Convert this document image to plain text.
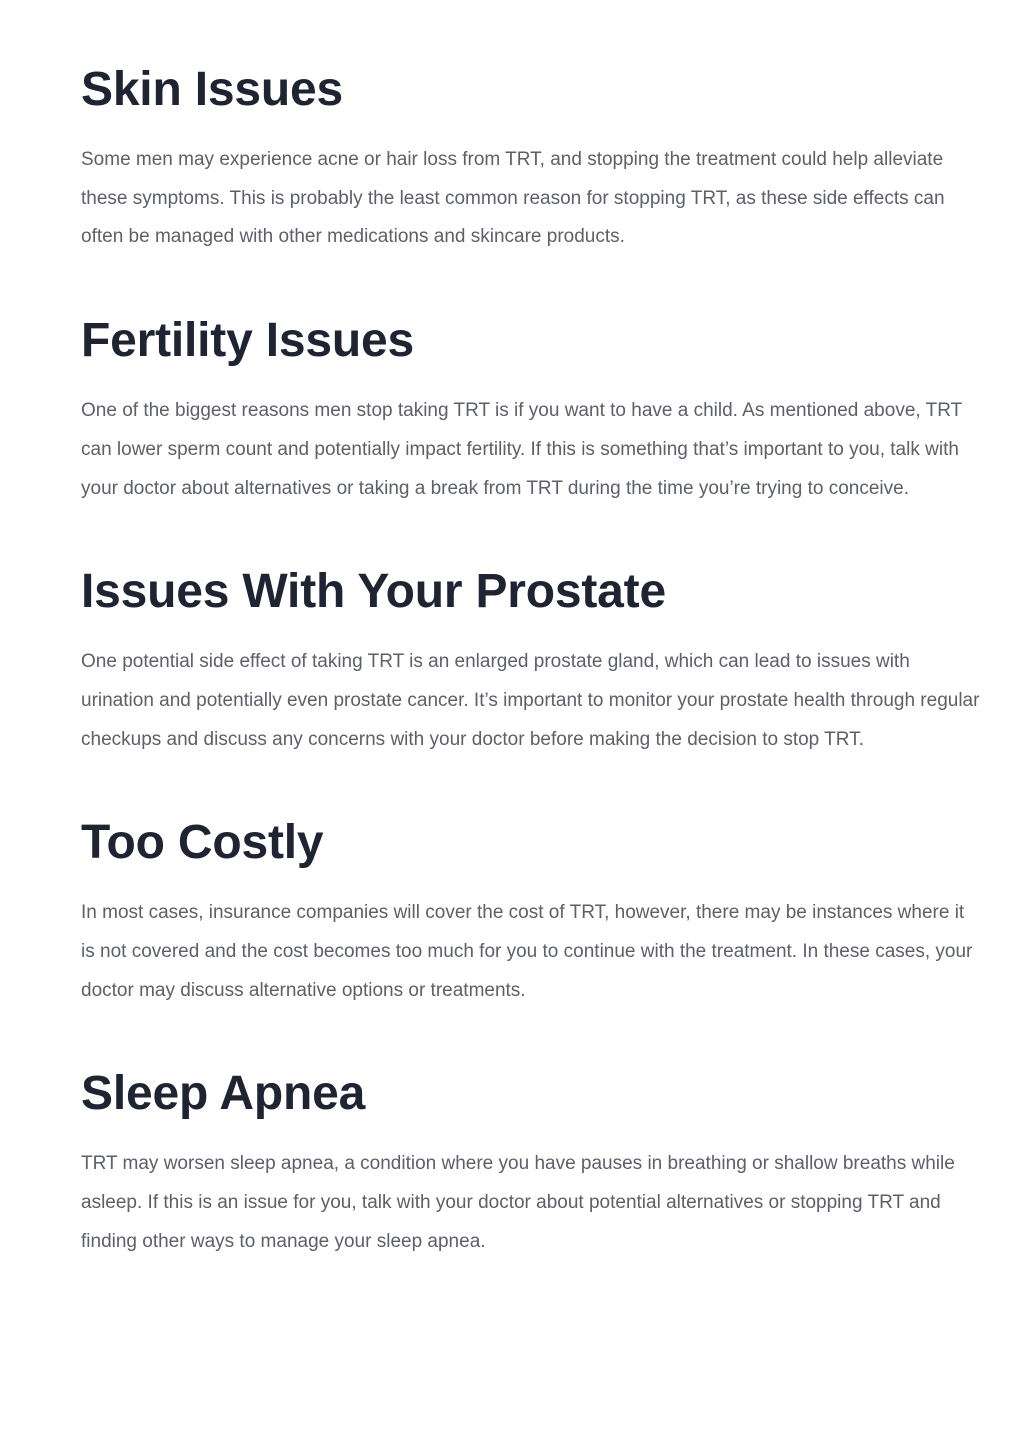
Skin Issues

Some men may experience acne or hair loss from TRT, and stopping the treatment could help alleviate these symptoms. This is probably the least common reason for stopping TRT, as these side effects can often be managed with other medications and skincare products.

Fertility Issues

One of the biggest reasons men stop taking TRT is if you want to have a child. As mentioned above, TRT can lower sperm count and potentially impact fertility. If this is something that’s important to you, talk with your doctor about alternatives or taking a break from TRT during the time you’re trying to conceive.

Issues With Your Prostate

One potential side effect of taking TRT is an enlarged prostate gland, which can lead to issues with urination and potentially even prostate cancer. It’s important to monitor your prostate health through regular checkups and discuss any concerns with your doctor before making the decision to stop TRT.

Too Costly

In most cases, insurance companies will cover the cost of TRT, however, there may be instances where it is not covered and the cost becomes too much for you to continue with the treatment. In these cases, your doctor may discuss alternative options or treatments.

Sleep Apnea

TRT may worsen sleep apnea, a condition where you have pauses in breathing or shallow breaths while asleep. If this is an issue for you, talk with your doctor about potential alternatives or stopping TRT and finding other ways to manage your sleep apnea.
